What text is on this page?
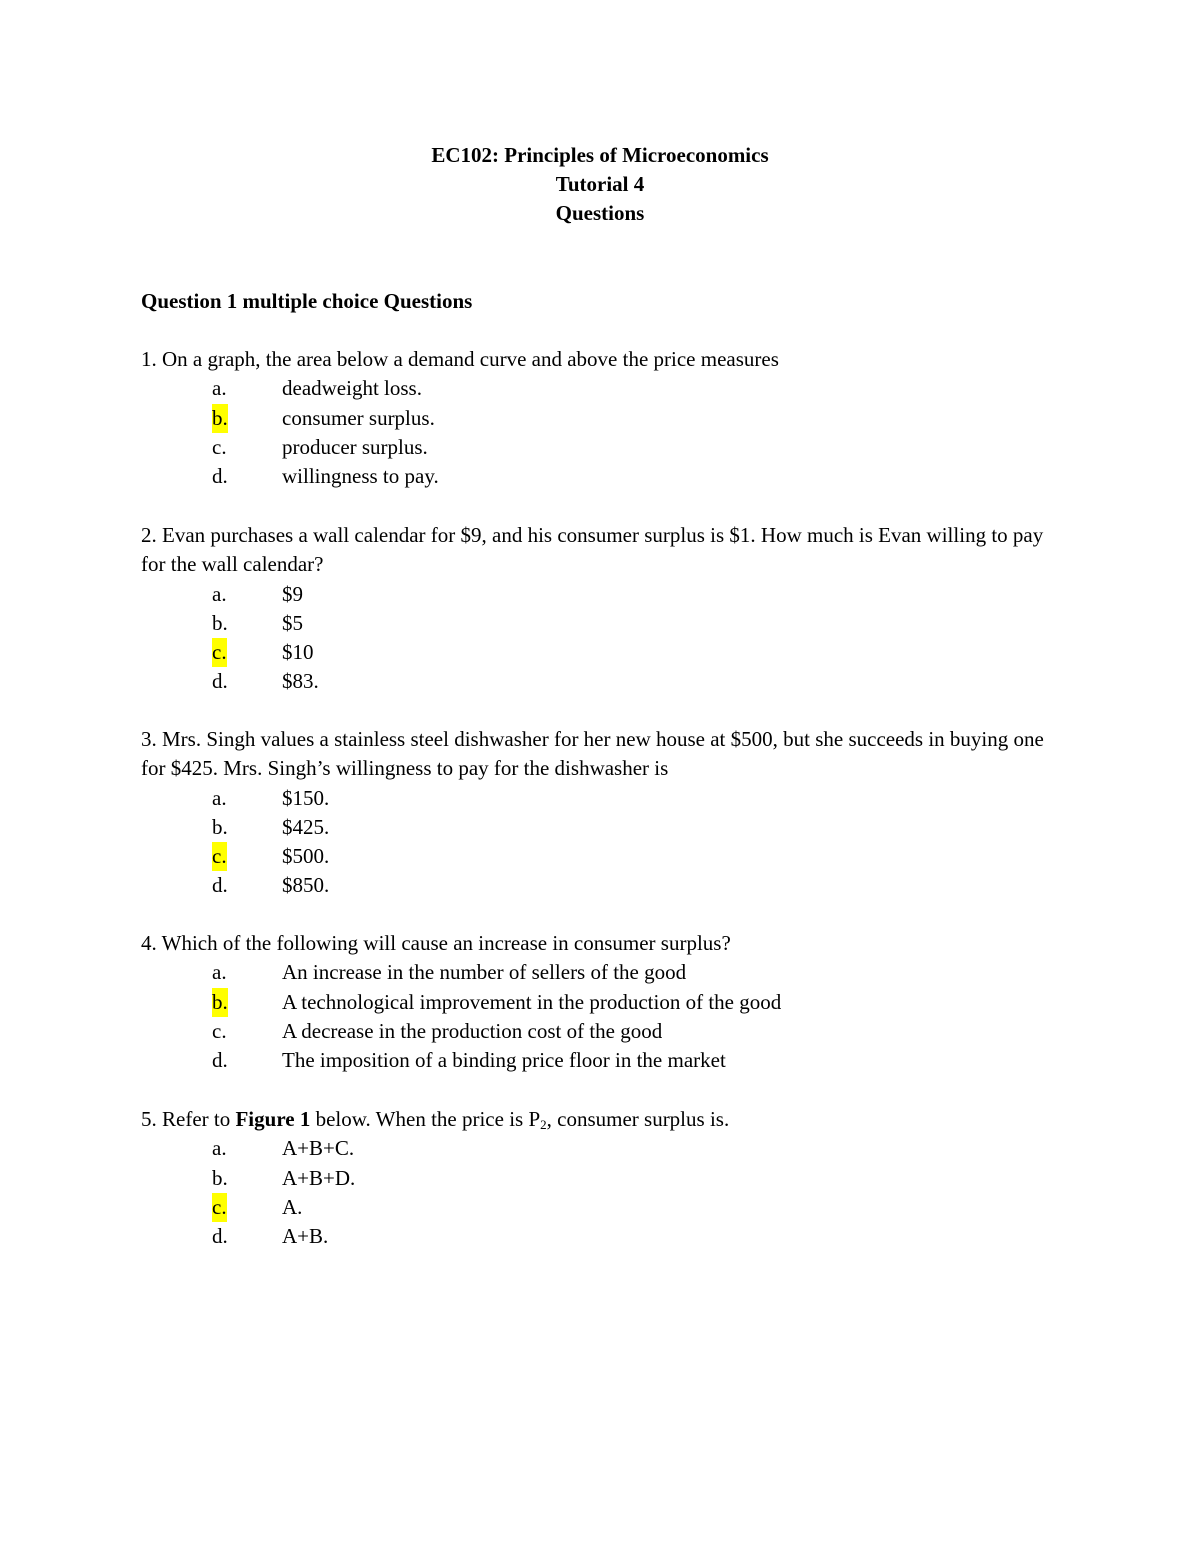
EC102: Principles of Microeconomics
Tutorial 4
Questions
Question 1 multiple choice Questions
1. On a graph, the area below a demand curve and above the price measures
a.	deadweight loss.
b.	consumer surplus.
c.	producer surplus.
d.	willingness to pay.
2. Evan purchases a wall calendar for $9, and his consumer surplus is $1. How much is Evan willing to pay for the wall calendar?
a.	$9
b.	$5
c.	$10
d.	$83.
3. Mrs. Singh values a stainless steel dishwasher for her new house at $500, but she succeeds in buying one for $425. Mrs. Singh’s willingness to pay for the dishwasher is
a.	$150.
b.	$425.
c.	$500.
d.	$850.
4. Which of the following will cause an increase in consumer surplus?
a.	An increase in the number of sellers of the good
b.	A technological improvement in the production of the good
c.	A decrease in the production cost of the good
d.	The imposition of a binding price floor in the market
5. Refer to Figure 1 below. When the price is $P_2$, consumer surplus is.
a.	A+B+C.
b.	A+B+D.
c.	A.
d.	A+B.
